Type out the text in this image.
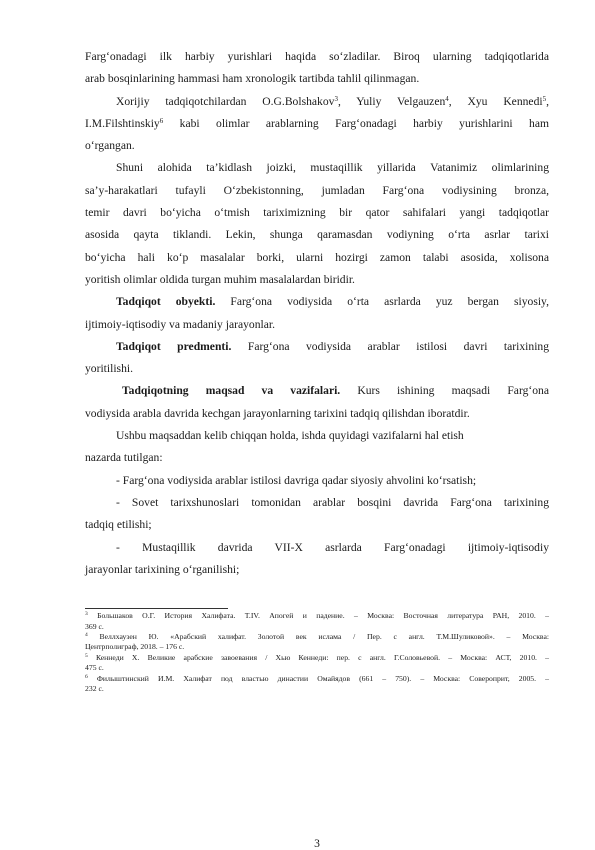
Farg‘onadagi ilk harbiy yurishlari haqida so‘zladilar. Biroq ularning tadqiqotlarida
arab bosqinlarining hammasi ham xronologik tartibda tahlil qilinmagan.
Xorijiy tadqiqotchilardan O.G.Bolshakov$^3$, Yuliy Velgauzen$^4$, Xyu Kennedi$^5$,
I.M.Filshtinskiy$^6$ kabi olimlar arablarning Farg‘onadagi harbiy yurishlarini ham
o‘rgangan.
Shuni alohida ta’kidlash joizki, mustaqillik yillarida Vatanimiz olimlarining
sa’y-harakatlari tufayli O‘zbekistonning, jumladan Farg‘ona vodiysining bronza,
temir davri bo‘yicha o‘tmish tariximizning bir qator sahifalari yangi tadqiqotlar
asosida qayta tiklandi. Lekin, shunga qaramasdan vodiyning o‘rta asrlar tarixi
bo‘yicha hali ko‘p masalalar borki, ularni hozirgi zamon talabi asosida, xolisona
yoritish olimlar oldida turgan muhim masalalardan biridir.
Tadqiqot obyekti. Farg‘ona vodiysida o‘rta asrlarda yuz bergan siyosiy,
ijtimoiy-iqtisodiy va madaniy jarayonlar.
Tadqiqot predmenti. Farg‘ona vodiysida arablar istilosi davri tarixining
yoritilishi.
Tadqiqotning maqsad va vazifalari. Kurs ishining maqsadi Farg‘ona
vodiysida arabla davrida kechgan jarayonlarning tarixini tadqiq qilishdan iboratdir.
Ushbu maqsaddan kelib chiqqan holda, ishda quyidagi vazifalarni hal etish
nazarda tutilgan:
- Farg‘ona vodiysida arablar istilosi davriga qadar siyosiy ahvolini ko‘rsatish;
- Sovet tarixshunoslari tomonidan arablar bosqini davrida Farg‘ona tarixining
tadqiq etilishi;
- Mustaqillik davrida VII-X asrlarda Farg‘onadagi ijtimoiy-iqtisodiy
jarayonlar tarixining o‘rganilishi;
$^3$ Большаков О.Г. История Халифата. T.IV. Апогей и падение. – Москва: Восточная литература РАН, 2010. –
369 с.
$^4$ Веллхаузен Ю. «Арабский халифат. Золотой век ислама / Пер. с англ. Т.М.Шуликовой». – Москва:
Центрполиграф, 2018. – 176 с.
$^5$ Кеннеди Х. Великие арабские завоевания / Хью Кеннеди: пер. с англ. Г.Соловьевой. – Москва: АСТ, 2010. –
475 с.
$^6$ Филыштинский И.М. Халифат под властью династии Омайядов (661 – 750). – Москва: Совероприт, 2005. –
232 с.
3
